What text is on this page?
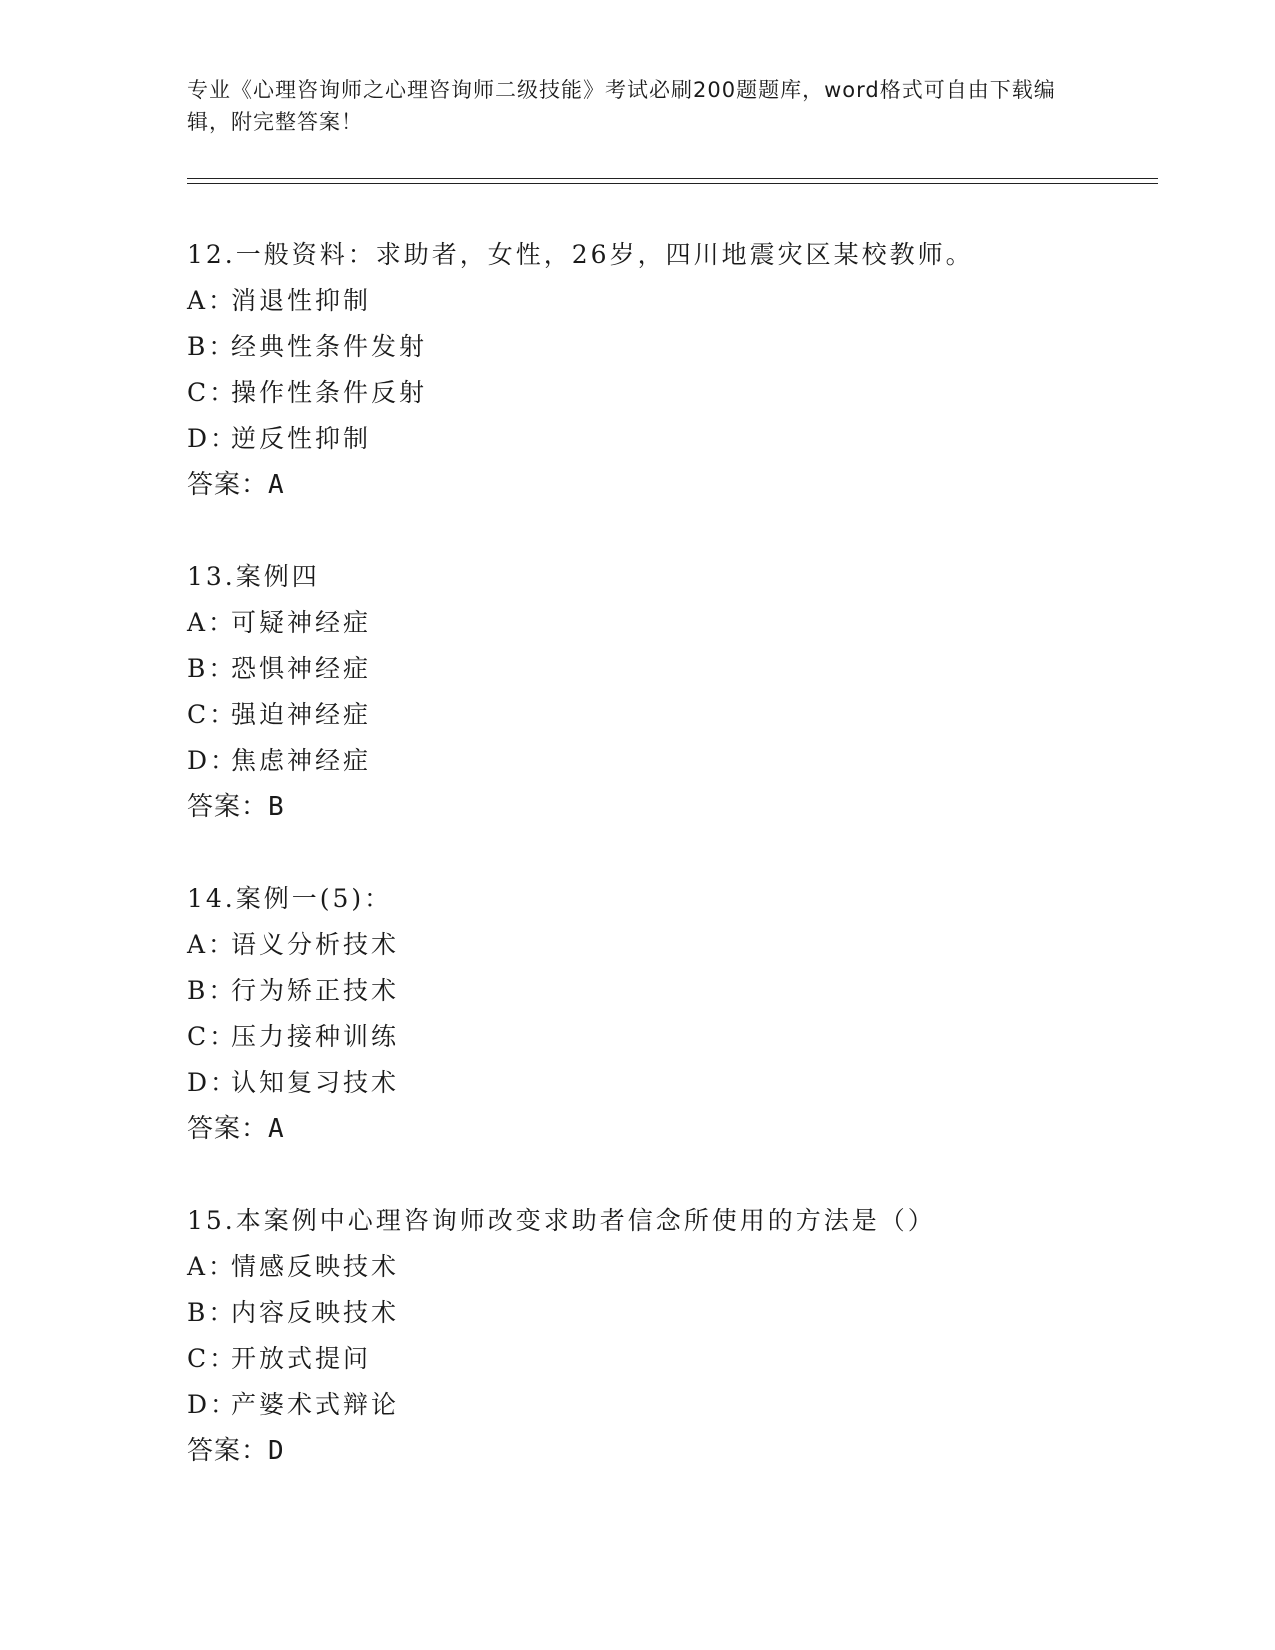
专业《心理咨询师之心理咨询师二级技能》考试必刷200题题库，word格式可自由下载编辑，附完整答案！
12.一般资料：求助者，女性，26岁，四川地震灾区某校教师。
A：消退性抑制
B：经典性条件发射
C：操作性条件反射
D：逆反性抑制
答案：A
13.案例四
A：可疑神经症
B：恐惧神经症
C：强迫神经症
D：焦虑神经症
答案：B
14.案例一(5)：
A：语义分析技术
B：行为矫正技术
C：压力接种训练
D：认知复习技术
答案：A
15.本案例中心理咨询师改变求助者信念所使用的方法是（）
A：情感反映技术
B：内容反映技术
C：开放式提问
D：产婆术式辩论
答案：D
